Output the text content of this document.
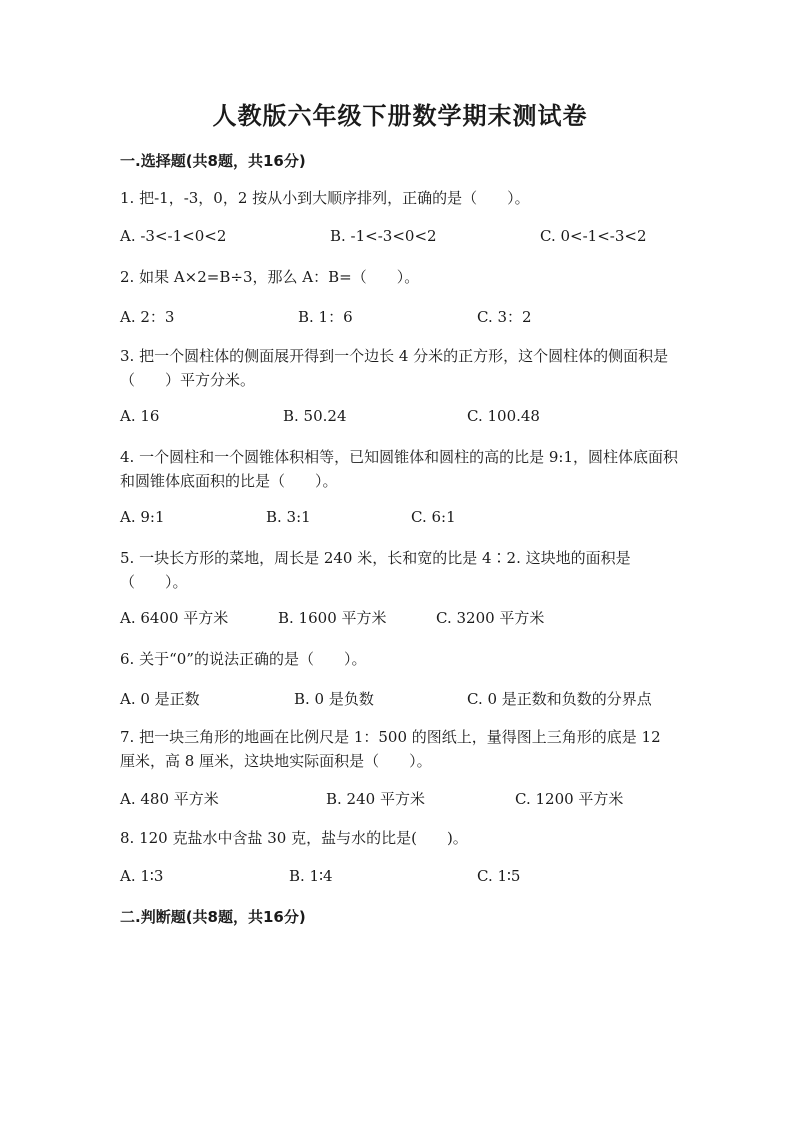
人教版六年级下册数学期末测试卷
一.选择题(共8题，共16分)
1. 把-1，-3，0，2 按从小到大顺序排列，正确的是（　　）。
A. -3<-1<0<2	B. -1<-3<0<2	C. 0<-1<-3<2
2. 如果 A×2=B÷3，那么 A：B=（　　）。
A. 2：3	B. 1：6	C. 3：2
3. 把一个圆柱体的侧面展开得到一个边长 4 分米的正方形，这个圆柱体的侧面积是（　　）平方分米。
A. 16	B. 50.24	C. 100.48
4. 一个圆柱和一个圆锥体积相等，已知圆锥体和圆柱的高的比是 9:1，圆柱体底面积和圆锥体底面积的比是（　　）。
A. 9:1	B. 3:1	C. 6:1
5. 一块长方形的菜地，周长是 240 米，长和宽的比是 4∶2. 这块地的面积是（　　）。
A. 6400 平方米	B. 1600 平方米	C. 3200 平方米
6. 关于“0”的说法正确的是（　　）。
A. 0 是正数	B. 0 是负数	C. 0 是正数和负数的分界点
7. 把一块三角形的地画在比例尺是 1：500 的图纸上，量得图上三角形的底是 12 厘米，高 8 厘米，这块地实际面积是（　　）。
A. 480 平方米	B. 240 平方米	C. 1200 平方米
8. 120 克盐水中含盐 30 克，盐与水的比是(　　)。
A. 1∶3	B. 1∶4	C. 1∶5
二.判断题(共8题，共16分)
